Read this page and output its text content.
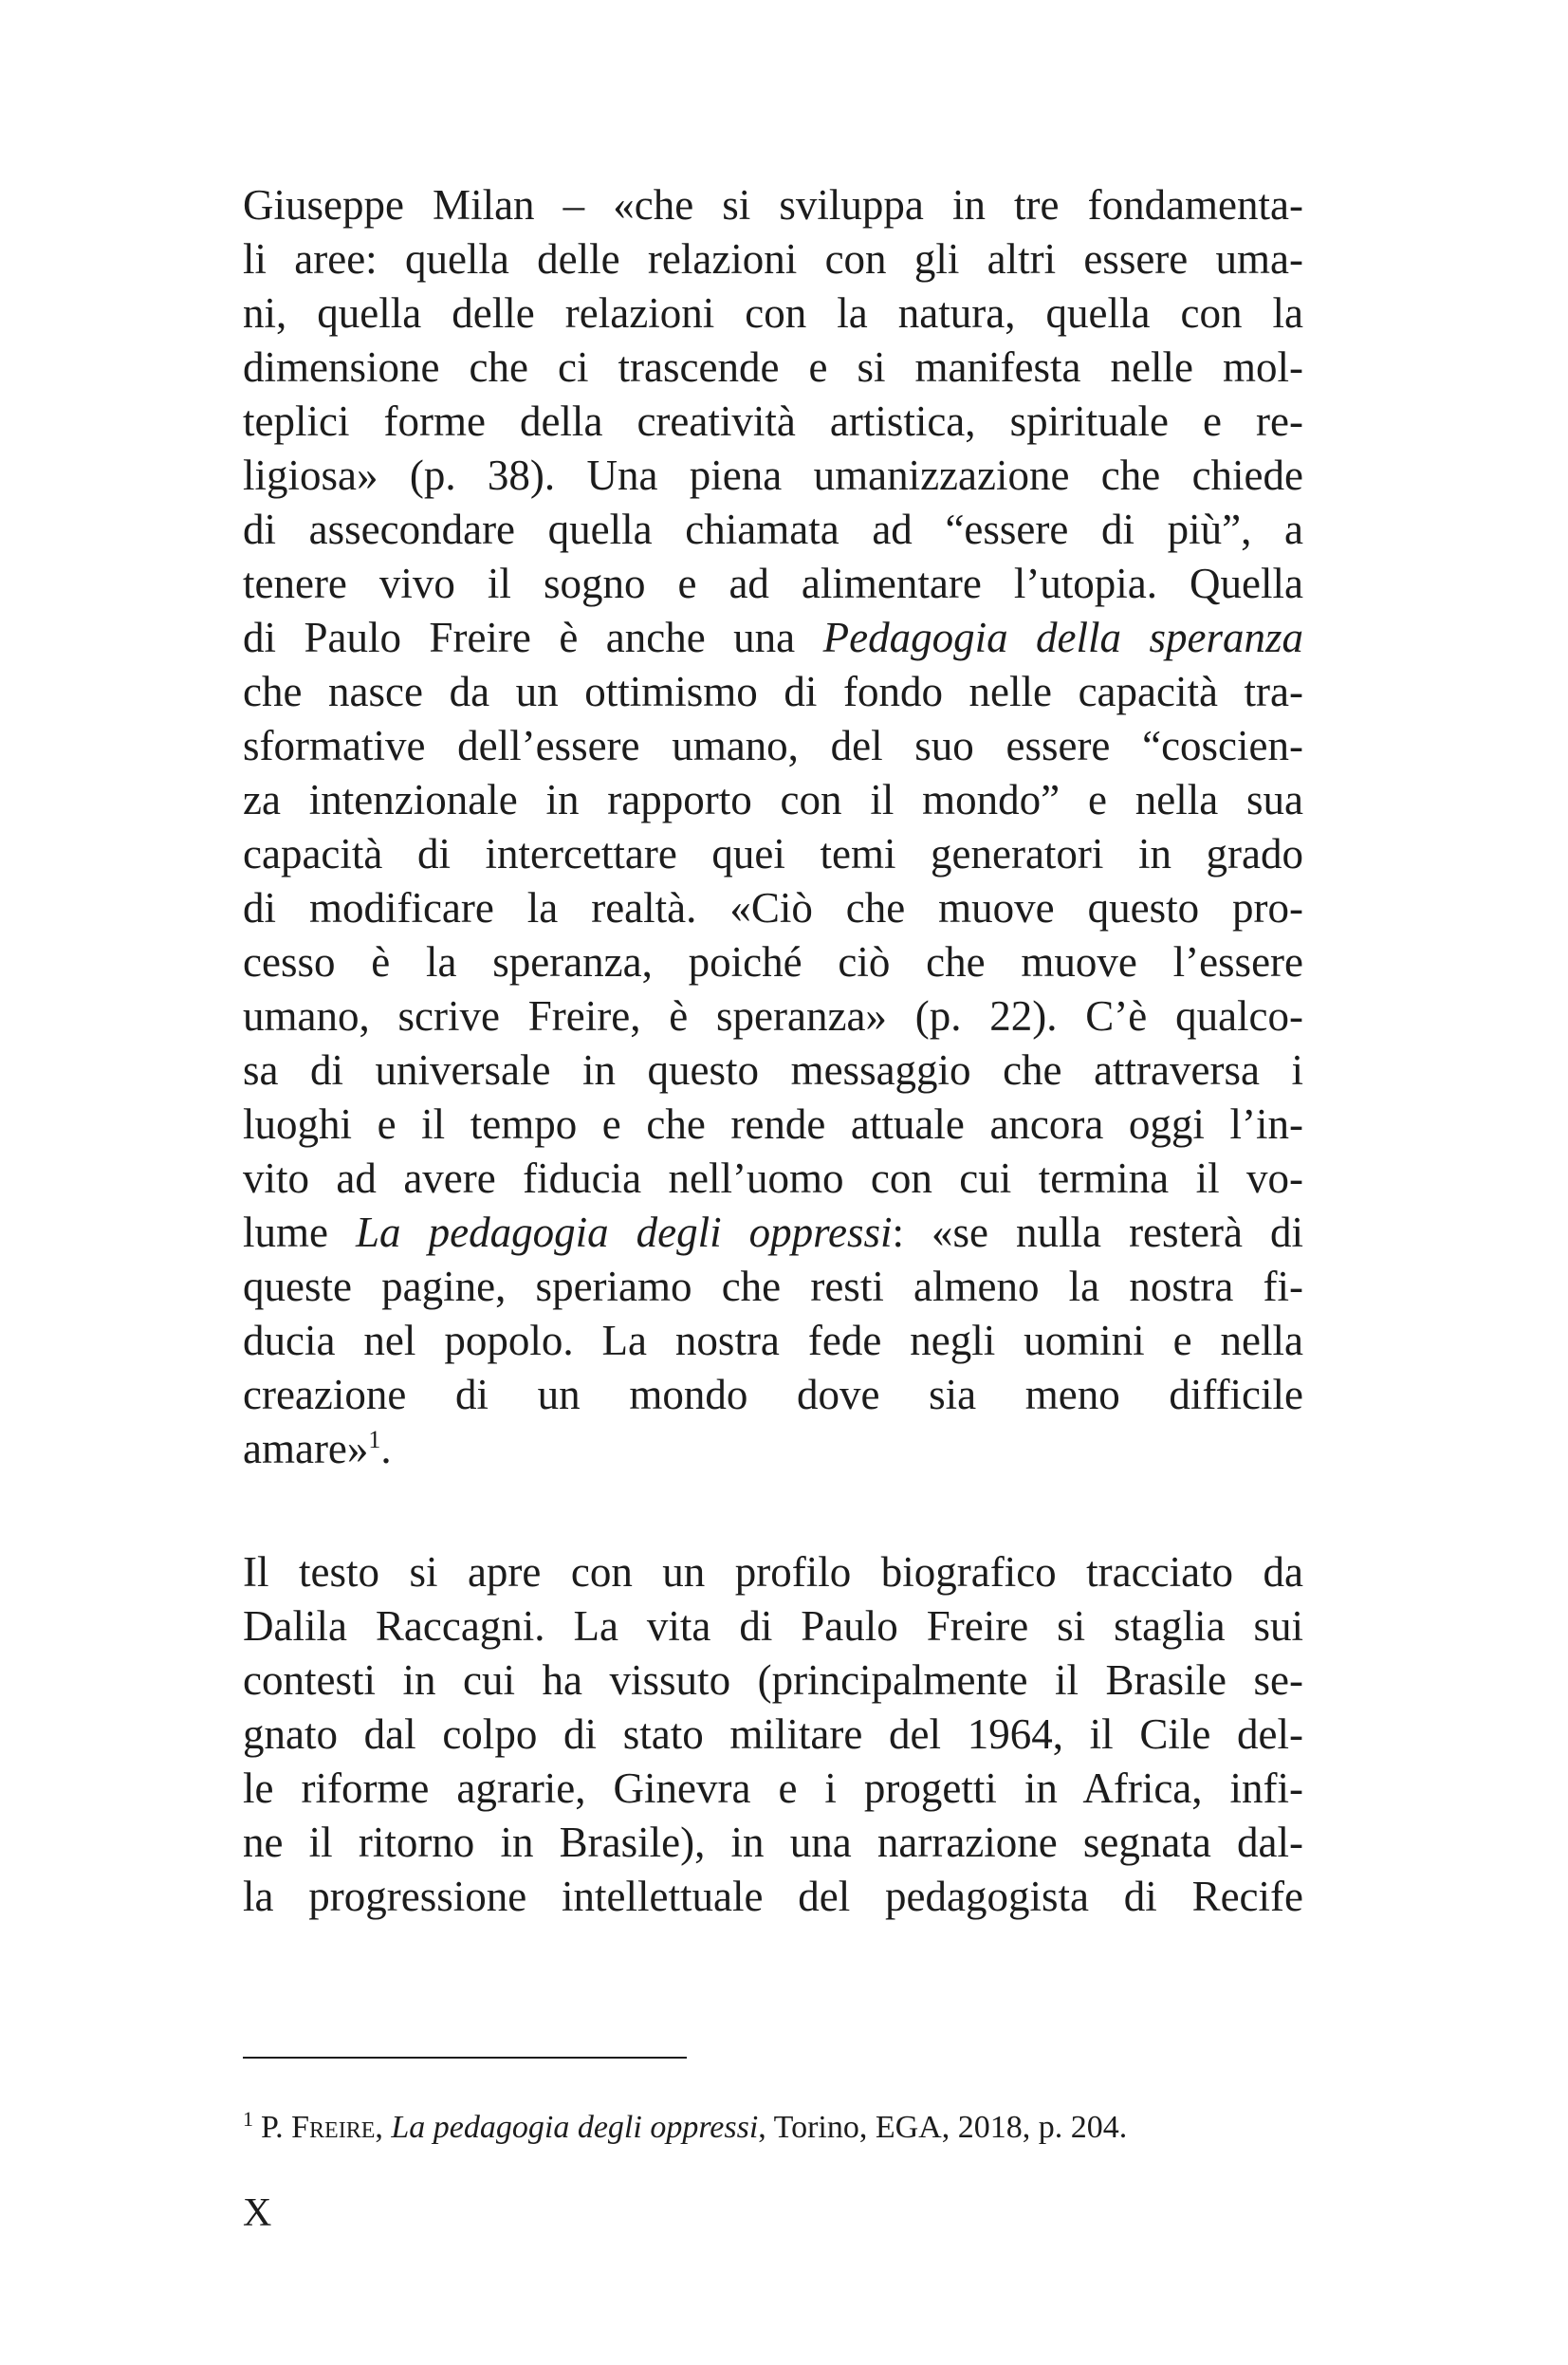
Giuseppe Milan – «che si sviluppa in tre fondamenta-
li aree: quella delle relazioni con gli altri essere uma-
ni, quella delle relazioni con la natura, quella con la
dimensione che ci trascende e si manifesta nelle mol-
teplici forme della creatività artistica, spirituale e re-
ligiosa» (p. 38). Una piena umanizzazione che chiede
di assecondare quella chiamata ad “essere di più”, a
tenere vivo il sogno e ad alimentare l’utopia. Quella
di Paulo Freire è anche una Pedagogia della speranza
che nasce da un ottimismo di fondo nelle capacità tra-
sformative dell’essere umano, del suo essere “coscien-
za intenzionale in rapporto con il mondo” e nella sua
capacità di intercettare quei temi generatori in grado
di modificare la realtà. «Ciò che muove questo pro-
cesso è la speranza, poiché ciò che muove l’essere
umano, scrive Freire, è speranza» (p. 22). C’è qualco-
sa di universale in questo messaggio che attraversa i
luoghi e il tempo e che rende attuale ancora oggi l’in-
vito ad avere fiducia nell’uomo con cui termina il vo-
lume La pedagogia degli oppressi: «se nulla resterà di
queste pagine, speriamo che resti almeno la nostra fi-
ducia nel popolo. La nostra fede negli uomini e nella
creazione di un mondo dove sia meno difficile
amare»$^1$.
Il testo si apre con un profilo biografico tracciato da
Dalila Raccagni. La vita di Paulo Freire si staglia sui
contesti in cui ha vissuto (principalmente il Brasile se-
gnato dal colpo di stato militare del 1964, il Cile del-
le riforme agrarie, Ginevra e i progetti in Africa, infi-
ne il ritorno in Brasile), in una narrazione segnata dal-
la progressione intellettuale del pedagogista di Recife
$^1$ P. Freire, La pedagogia degli oppressi, Torino, EGA, 2018, p. 204.
X
